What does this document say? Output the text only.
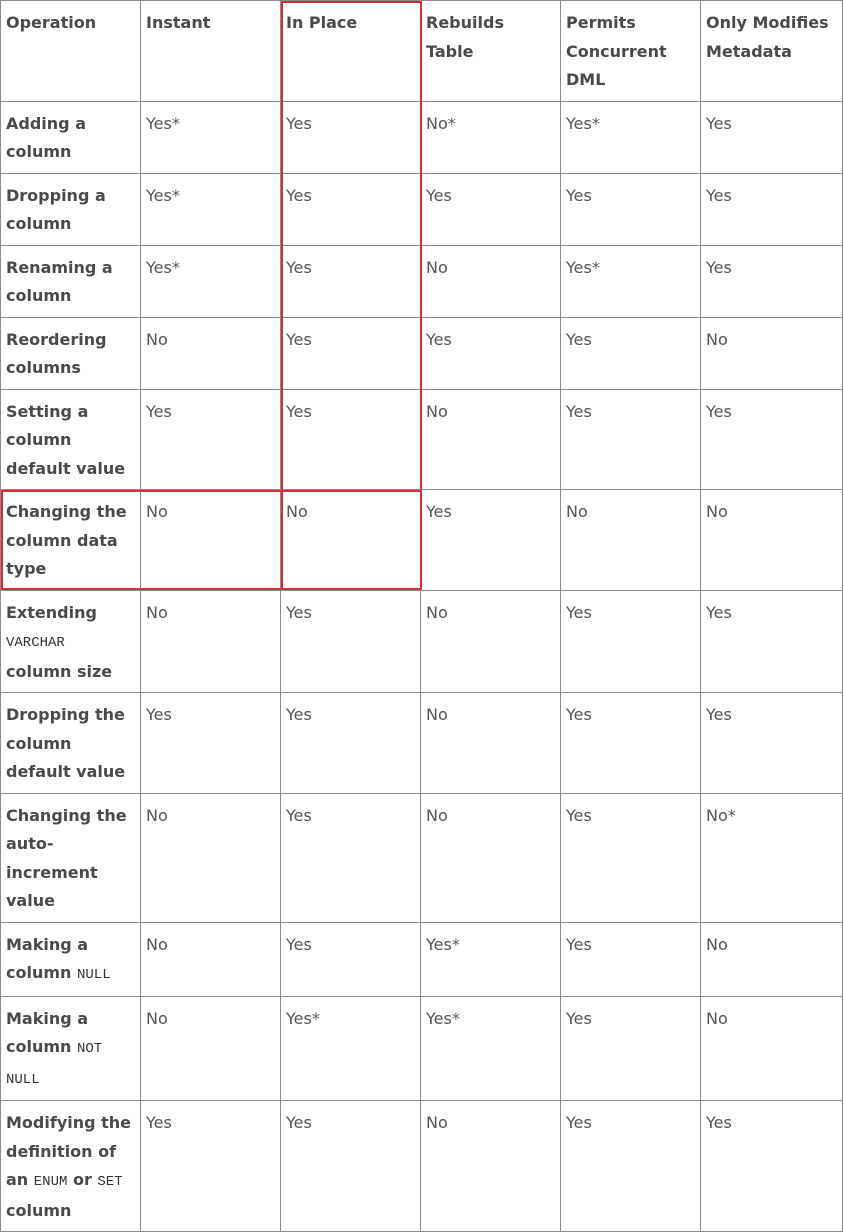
Operation	Instant	In Place	Rebuilds Table	Permits Concurrent DML	Only Modifies Metadata
Adding a column	Yes*	Yes	No*	Yes*	Yes
Dropping a column	Yes*	Yes	Yes	Yes	Yes
Renaming a column	Yes*	Yes	No	Yes*	Yes
Reordering columns	No	Yes	Yes	Yes	No
Setting a column default value	Yes	Yes	No	Yes	Yes
Changing the column data type	No	No	Yes	No	No
Extending VARCHAR column size	No	Yes	No	Yes	Yes
Dropping the column default value	Yes	Yes	No	Yes	Yes
Changing the auto-increment value	No	Yes	No	Yes	No*
Making a column NULL	No	Yes	Yes*	Yes	No
Making a column NOT NULL	No	Yes*	Yes*	Yes	No
Modifying the definition of an ENUM or SET column	Yes	Yes	No	Yes	Yes
